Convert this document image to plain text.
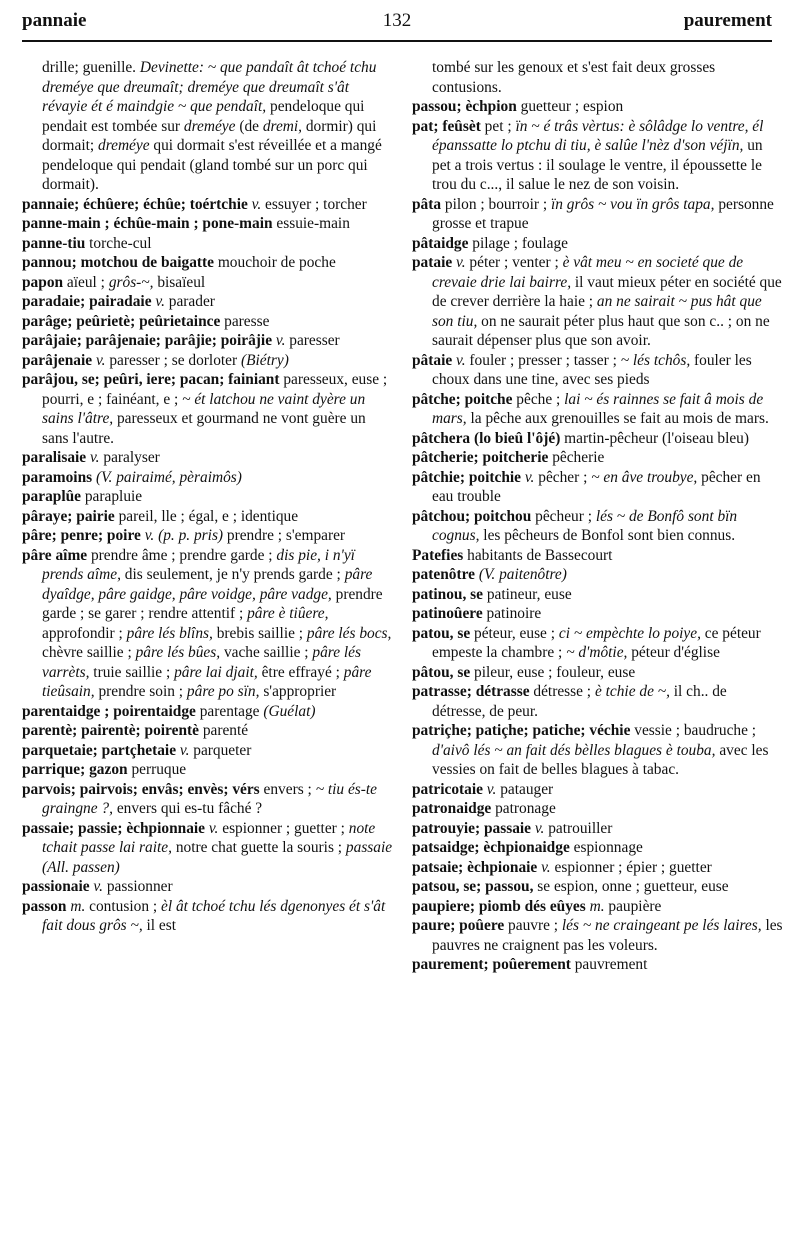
pannaie	132	paurement

drille; guenille. Devinette: ~ que pandaît ât tchoé tchu dreméye que dreumaît; dreméye que dreumaît s'ât révayie ét é maindgie ~ que pendaît, pendeloque qui pendait est tombée sur dreméye (de dremi, dormir) qui dormait; dreméye qui dormait s'est réveillée et a mangé pendeloque qui pendait (gland tombé sur un porc qui dormait).

pannaie; échûere; échûe; toértchie v. essuyer ; torcher

panne-main ; échûe-main ; pone-main essuie-main

panne-tiu torche-cul

pannou; motchou de baigatte mouchoir de poche

papon aïeul ; grôs-~, bisaïeul

paradaie; pairadaie v. parader

parâge; peûrietè; peûrietaince paresse

parâjaie; parâjenaie; parâjie; poirâjie v. paresser

parâjenaie v. paresser ; se dorloter (Biétry)

parâjou, se; peûri, iere; pacan; fainiant paresseux, euse ; pourri, e ; fainéant, e ; ~ ét latchou ne vaint dyère un sains l'âtre, paresseux et gourmand ne vont guère un sans l'autre.

paralisaie v. paralyser

paramoins (V. pairaimé, pèraimôs)

paraplûe parapluie

pâraye; pairie pareil, lle ; égal, e ; identique

pâre; penre; poire v. (p. p. pris) prendre ; s'emparer

pâre aîme prendre âme ; prendre garde ; dis pie, i n'yï prends aîme, dis seulement, je n'y prends garde ; pâre dyaîdge, pâre gaidge, pâre voidge, pâre vadge, prendre garde ; se garer ; rendre attentif ; pâre è tiûere, approfondir ; pâre lés blîns, brebis saillie ; pâre lés bocs, chèvre saillie ; pâre lés bûes, vache saillie ; pâre lés varrèts, truie saillie ; pâre lai djait, être effrayé ; pâre tieûsain, prendre soin ; pâre po sïn, s'approprier

parentaidge ; poirentaidge parentage (Guélat)

parentè; pairentè; poirentè parenté

parquetaie; partçhetaie v. parqueter

parrique; gazon perruque

parvois; pairvois; envâs; envès; vérs envers ; ~ tiu és-te graingne ?, envers qui es-tu fâché ?

passaie; passie; èchpionnaie v. espionner ; guetter ; note tchait passe lai raite, notre chat guette la souris ; passaie (All. passen)

passionaie v. passionner

passon m. contusion ; èl ât tchoé tchu lés dgenonyes ét s'ât fait dous grôs ~, il est

tombé sur les genoux et s'est fait deux grosses contusions.

passou; èchpion guetteur ; espion

pat; feûsèt pet ; ïn ~ é trâs vèrtus: è sôlâdge lo ventre, él épanssatte lo ptchu di tiu, è salûe l'nèz d'son véjïn, un pet a trois vertus : il soulage le ventre, il époussette le trou du c..., il salue le nez de son voisin.

pâta pilon ; bourroir ; ïn grôs ~ vou ïn grôs tapa, personne grosse et trapue

pâtaidge pilage ; foulage

pataie v. péter ; venter ; è vât meu ~ en societé que de crevaie drie lai bairre, il vaut mieux péter en société que de crever derrière la haie ; an ne sairait ~ pus hât que son tiu, on ne saurait péter plus haut que son c.. ; on ne saurait dépenser plus que son avoir.

pâtaie v. fouler ; presser ; tasser ; ~ lés tchôs, fouler les choux dans une tine, avec ses pieds

pâtche; poitche pêche ; lai ~ és rainnes se fait â mois de mars, la pêche aux grenouilles se fait au mois de mars.

pâtchera (lo bieû l'ôjé) martin-pêcheur (l'oiseau bleu)

pâtcherie; poitcherie pêcherie

pâtchie; poitchie v. pêcher ; ~ en âve troubye, pêcher en eau trouble

pâtchou; poitchou pêcheur ; lés ~ de Bonfô sont bïn cognus, les pêcheurs de Bonfol sont bien connus.

Patefies habitants de Bassecourt

patenôtre (V. paitenôtre)

patinou, se patineur, euse

patinoûere patinoire

patou, se péteur, euse ; ci ~ empèchte lo poiye, ce péteur empeste la chambre ; ~ d'môtie, péteur d'église

pâtou, se pileur, euse ; fouleur, euse

patrasse; détrasse détresse ; è tchie de ~, il ch.. de détresse, de peur.

patriçhe; patiçhe; patiche; véchie vessie ; baudruche ; d'aivô lés ~ an fait dés bèlles blagues è touba, avec les vessies on fait de belles blagues à tabac.

patricotaie v. patauger

patronaidge patronage

patrouyie; passaie v. patrouiller

patsaidge; èchpionaidge espionnage

patsaie; èchpionaie v. espionner ; épier ; guetter

patsou, se; passou, se espion, onne ; guetteur, euse

paupiere; piomb dés eûyes m. paupière

paure; poûere pauvre ; lés ~ ne craingeant pe lés laires, les pauvres ne craignent pas les voleurs.

paurement; poûerement pauvrement
